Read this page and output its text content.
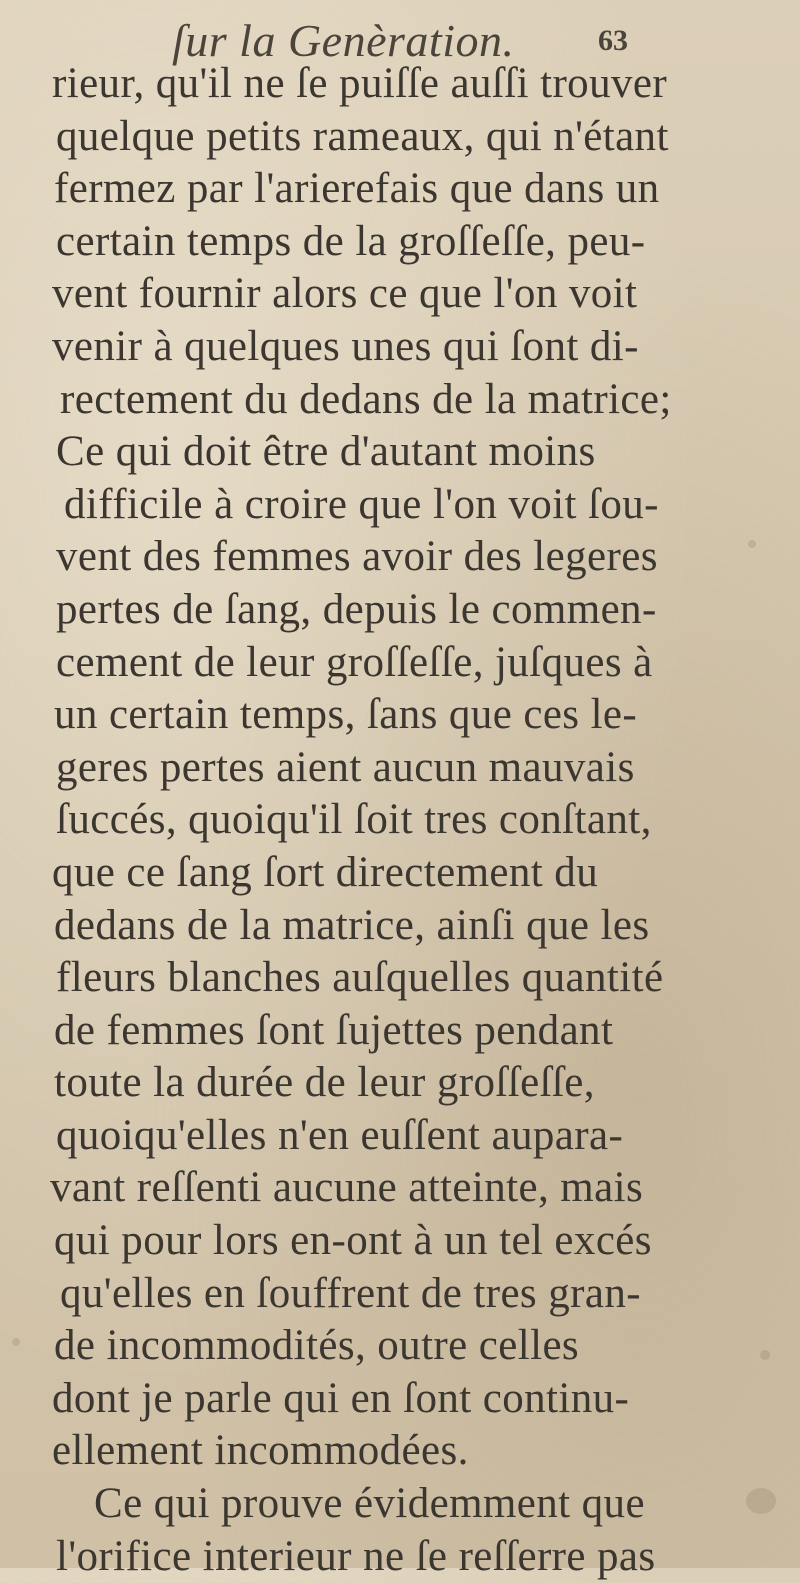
ſur la Genèration.	63
rieur, qu'il ne ſe puiſſe auſſi trouver
quelque petits rameaux, qui n'étant
fermez par l'arierefais que dans un
certain temps de la groſſeſſe, peu-
vent fournir alors ce que l'on voit
venir à quelques unes qui ſont di-
rectement du dedans de la matrice;
Ce qui doit être d'autant moins
difficile à croire que l'on voit ſou-
vent des femmes avoir des legeres
pertes de ſang, depuis le commen-
cement de leur groſſeſſe, juſques à
un certain temps, ſans que ces le-
geres pertes aient aucun mauvais
ſuccés, quoiqu'il ſoit tres conſtant,
que ce ſang ſort directement du
dedans de la matrice, ainſi que les
fleurs blanches auſquelles quantité
de femmes ſont ſujettes pendant
toute la durée de leur groſſeſſe,
quoiqu'elles n'en euſſent aupara-
vant reſſenti aucune atteinte, mais
qui pour lors en-ont à un tel excés
qu'elles en ſouffrent de tres gran-
de incommodités, outre celles
dont je parle qui en ſont continu-
ellement incommodées.
Ce qui prouve évidemment que
l'orifice interieur ne ſe reſſerre pas
